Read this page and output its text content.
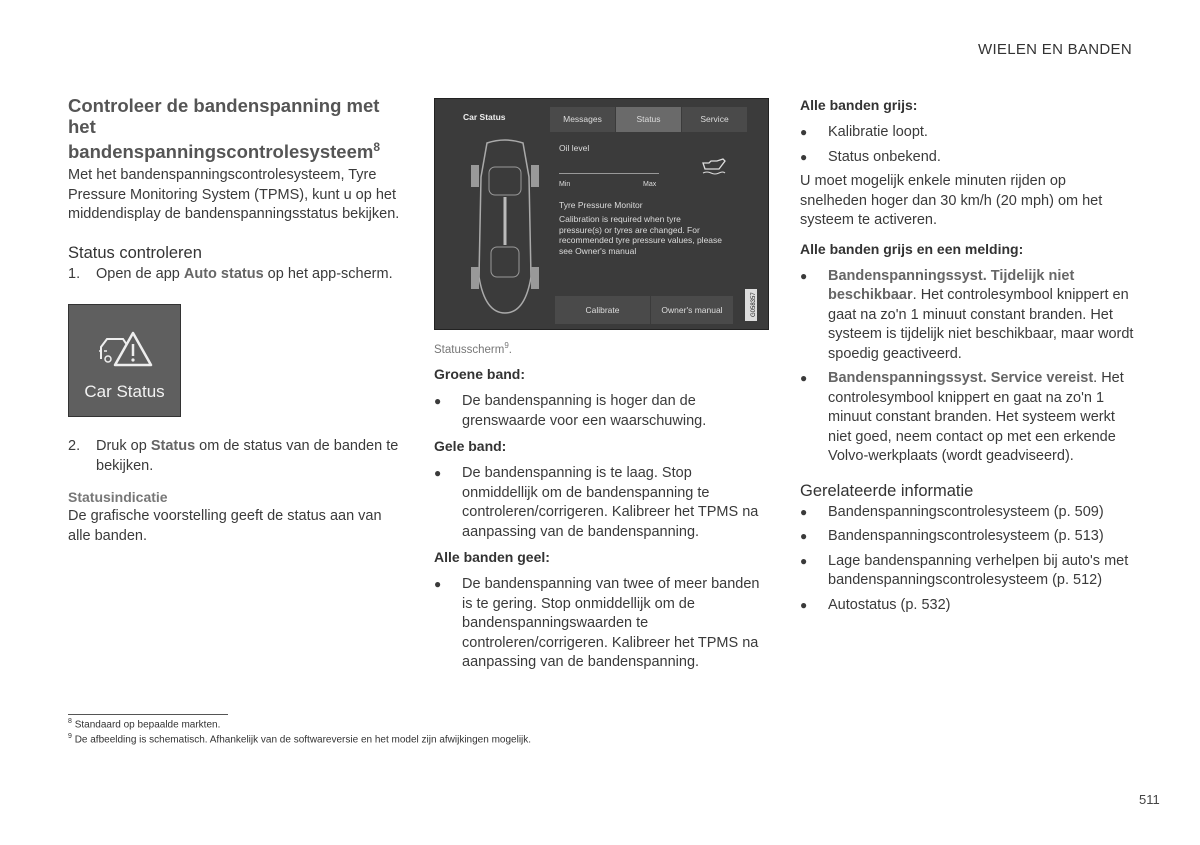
WIELEN EN BANDEN
Controleer de bandenspanning met het bandenspanningscontrolesysteem$^8$

Met het bandenspanningscontrolesysteem, Tyre Pressure Monitoring System (TPMS), kunt u op het middendisplay de bandenspanningsstatus bekijken.

Status controleren
1.	Open de app Auto status op het app-scherm.
Car Status
2.	Druk op Status om de status van de banden te bekijken.
Statusindicatie

De grafische voorstelling geeft de status aan van alle banden.

Car Status	Messages	Status	Service
Oil level
Min	Max
Tyre Pressure Monitor
Calibration is required when tyre pressure(s) or tyres are changed. For recommended tyre pressure values, please see Owner's manual
Calibrate	Owner's manual	G058357
Statusscherm$^9$.

Groene band:

●	De bandenspanning is hoger dan de grenswaarde voor een waarschuwing.

Gele band:

●	De bandenspanning is te laag. Stop onmiddellijk om de bandenspanning te controleren/corrigeren. Kalibreer het TPMS na aanpassing van de bandenspanning.

Alle banden geel:

●	De bandenspanning van twee of meer banden is te gering. Stop onmiddellijk om de bandenspanningswaarden te controleren/corrigeren. Kalibreer het TPMS na aanpassing van de bandenspanning.

Alle banden grijs:

●	Kalibratie loopt.
●	Status onbekend.

U moet mogelijk enkele minuten rijden op snelheden hoger dan 30 km/h (20 mph) om het systeem te activeren.

Alle banden grijs en een melding:

●	Bandenspanningssyst. Tijdelijk niet beschikbaar. Het controlesymbool knippert en gaat na zo'n 1 minuut constant branden. Het systeem is tijdelijk niet beschikbaar, maar wordt spoedig geactiveerd.
●	Bandenspanningssyst. Service vereist. Het controlesymbool knippert en gaat na zo'n 1 minuut constant branden. Het systeem werkt niet goed, neem contact op met een erkende Volvo-werkplaats (wordt geadviseerd).
Gerelateerde informatie
●	Bandenspanningscontrolesysteem (p. 509)
●	Bandenspanningscontrolesysteem (p. 513)
●	Lage bandenspanning verhelpen bij auto's met bandenspanningscontrolesysteem (p. 512)
●	Autostatus (p. 532)
$^8$ Standaard op bepaalde markten.
$^9$ De afbeelding is schematisch. Afhankelijk van de softwareversie en het model zijn afwijkingen mogelijk.
511
